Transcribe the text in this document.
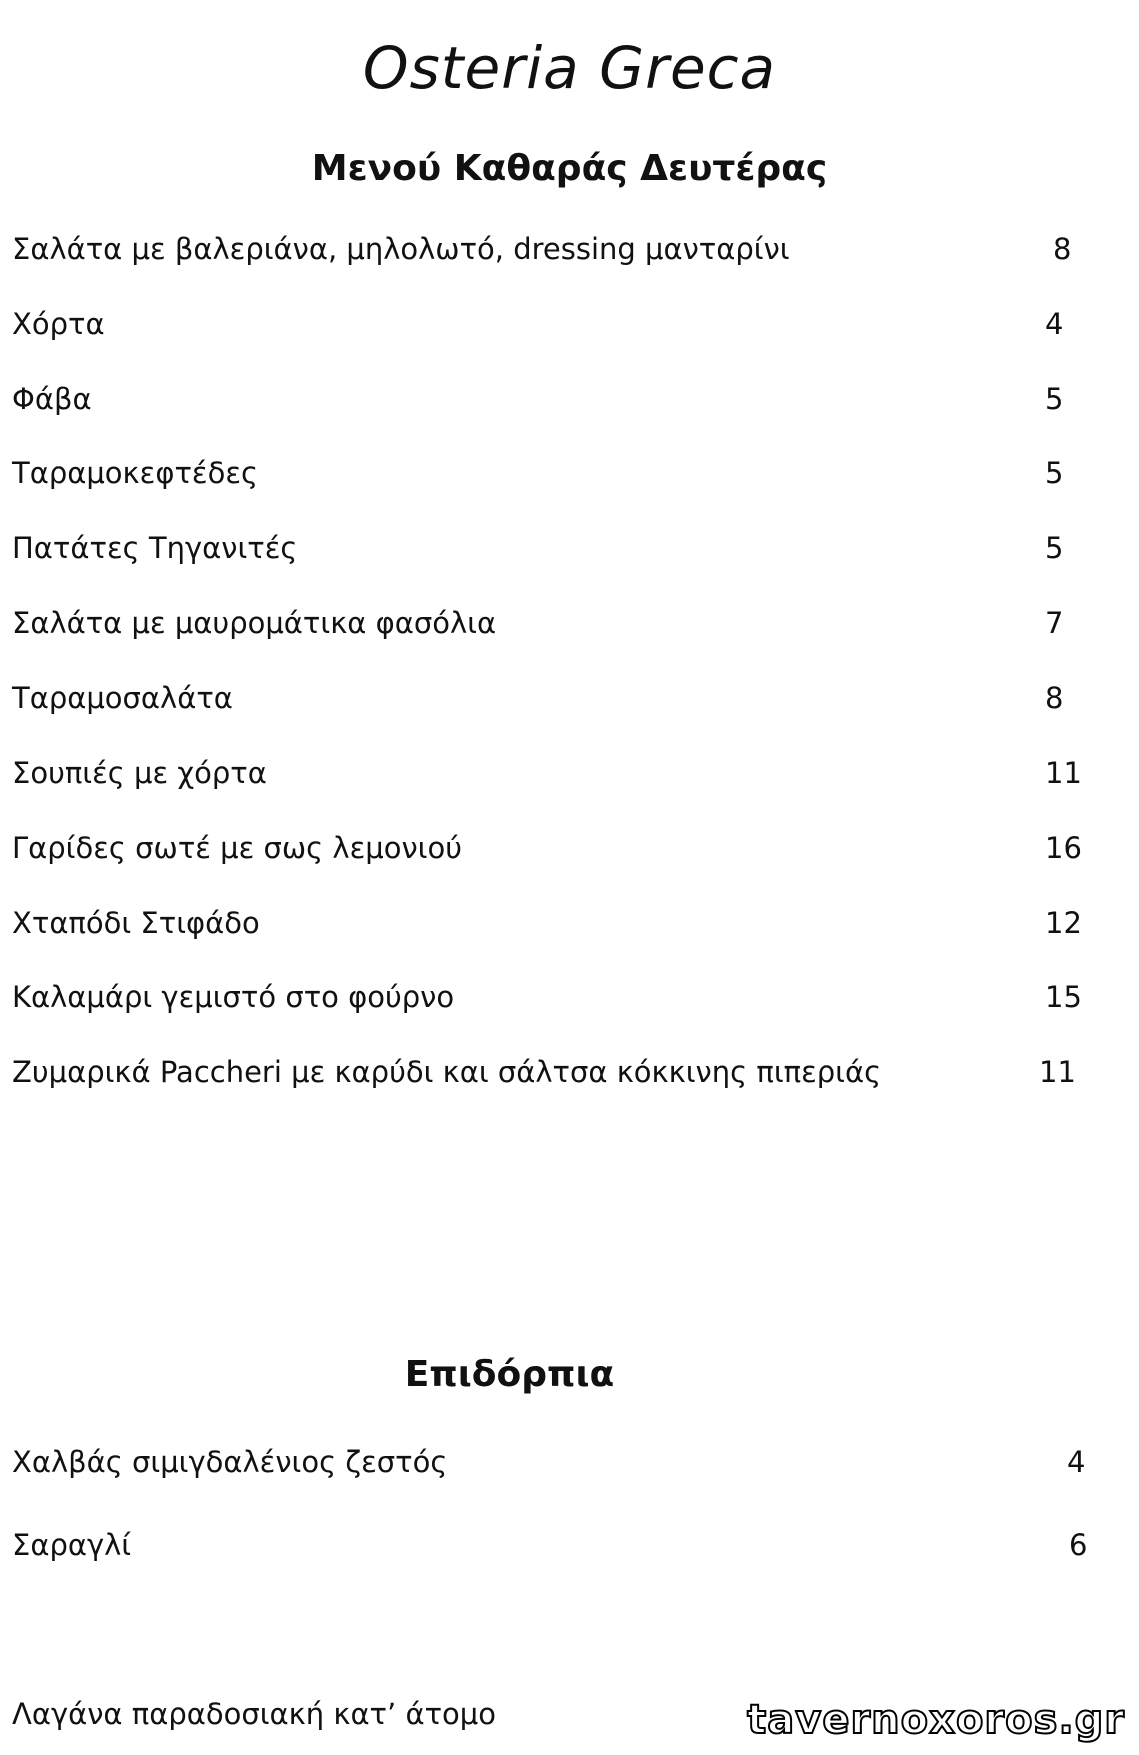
Osteria Greca
Μενού Καθαράς Δευτέρας
Σαλάτα με βαλεριάνα, μηλολωτό, dressing μανταρίνι	8
Χόρτα	4
Φάβα	5
Ταραμοκεφτέδες	5
Πατάτες Τηγανιτές	5
Σαλάτα με μαυρομάτικα φασόλια	7
Ταραμοσαλάτα	8
Σουπιές με χόρτα	11
Γαρίδες σωτέ με σως λεμονιού	16
Χταπόδι Στιφάδο	12
Καλαμάρι γεμιστό στο φούρνο	15
Ζυμαρικά Paccheri με καρύδι και σάλτσα κόκκινης πιπεριάς	11
Επιδόρπια
Χαλβάς σιμιγδαλένιος ζεστός	4
Σαραγλί	6
Λαγάνα παραδοσιακή κατ’ άτομο	tavernoxoros.gr
